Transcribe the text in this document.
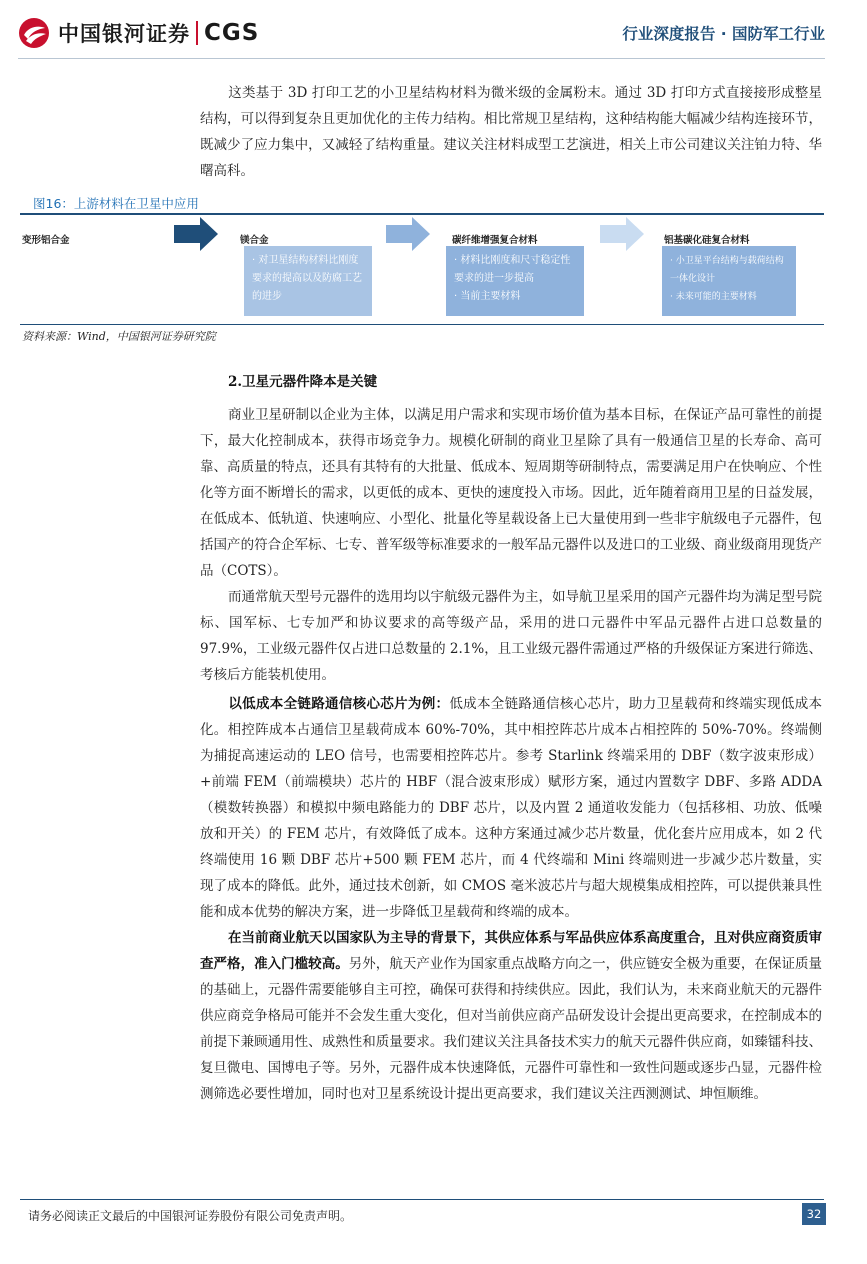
中国银河证券 CGS	行业深度报告 · 国防军工行业
这类基于 3D 打印工艺的小卫星结构材料为微米级的金属粉末。通过 3D 打印方式直接接形成整星结构，可以得到复杂且更加优化的主传力结构。相比常规卫星结构，这种结构能大幅减少结构连接环节，既减少了应力集中，又减轻了结构重量。建议关注材料成型工艺演进，相关上市公司建议关注铂力特、华曙高科。
图16：上游材料在卫星中应用
变形铝合金	镁合金
· 对卫星结构材料比刚度要求的提高以及防腐工艺的进步
碳纤维增强复合材料
· 材料比刚度和尺寸稳定性要求的进一步提高
· 当前主要材料
铝基碳化硅复合材料
· 小卫星平台结构与载荷结构一体化设计
· 未来可能的主要材料
资料来源：Wind，中国银河证券研究院
2.卫星元器件降本是关键
商业卫星研制以企业为主体，以满足用户需求和实现市场价值为基本目标，在保证产品可靠性的前提下，最大化控制成本，获得市场竞争力。规模化研制的商业卫星除了具有一般通信卫星的长寿命、高可靠、高质量的特点，还具有其特有的大批量、低成本、短周期等研制特点，需要满足用户在快响应、个性化等方面不断增长的需求，以更低的成本、更快的速度投入市场。因此，近年随着商用卫星的日益发展，在低成本、低轨道、快速响应、小型化、批量化等星载设备上已大量使用到一些非宇航级电子元器件，包括国产的符合企军标、七专、普军级等标准要求的一般军品元器件以及进口的工业级、商业级商用现货产品（COTS）。
而通常航天型号元器件的选用均以宇航级元器件为主，如导航卫星采用的国产元器件均为满足型号院标、国军标、七专加严和协议要求的高等级产品，采用的进口元器件中军品元器件占进口总数量的 97.9%，工业级元器件仅占进口总数量的 2.1%，且工业级元器件需通过严格的升级保证方案进行筛选、考核后方能装机使用。
以低成本全链路通信核心芯片为例：低成本全链路通信核心芯片，助力卫星载荷和终端实现低成本化。相控阵成本占通信卫星载荷成本 60%-70%，其中相控阵芯片成本占相控阵的 50%-70%。终端侧为捕捉高速运动的 LEO 信号，也需要相控阵芯片。参考 Starlink 终端采用的 DBF（数字波束形成）+前端 FEM（前端模块）芯片的 HBF（混合波束形成）赋形方案，通过内置数字 DBF、多路 ADDA（模数转换器）和模拟中频电路能力的 DBF 芯片，以及内置 2 通道收发能力（包括移相、功放、低噪放和开关）的 FEM 芯片，有效降低了成本。这种方案通过减少芯片数量，优化套片应用成本，如 2 代终端使用 16 颗 DBF 芯片+500 颗 FEM 芯片，而 4 代终端和 Mini 终端则进一步减少芯片数量，实现了成本的降低。此外，通过技术创新，如 CMOS 毫米波芯片与超大规模集成相控阵，可以提供兼具性能和成本优势的解决方案，进一步降低卫星载荷和终端的成本。
在当前商业航天以国家队为主导的背景下，其供应体系与军品供应体系高度重合，且对供应商资质审查严格，准入门槛较高。另外，航天产业作为国家重点战略方向之一，供应链安全极为重要，在保证质量的基础上，元器件需要能够自主可控，确保可获得和持续供应。因此，我们认为，未来商业航天的元器件供应商竞争格局可能并不会发生重大变化，但对当前供应商产品研发设计会提出更高要求，在控制成本的前提下兼顾通用性、成熟性和质量要求。我们建议关注具备技术实力的航天元器件供应商，如臻镭科技、复旦微电、国博电子等。另外，元器件成本快速降低，元器件可靠性和一致性问题或逐步凸显，元器件检测筛选必要性增加，同时也对卫星系统设计提出更高要求，我们建议关注西测测试、坤恒顺维。
请务必阅读正文最后的中国银河证券股份有限公司免责声明。	32
